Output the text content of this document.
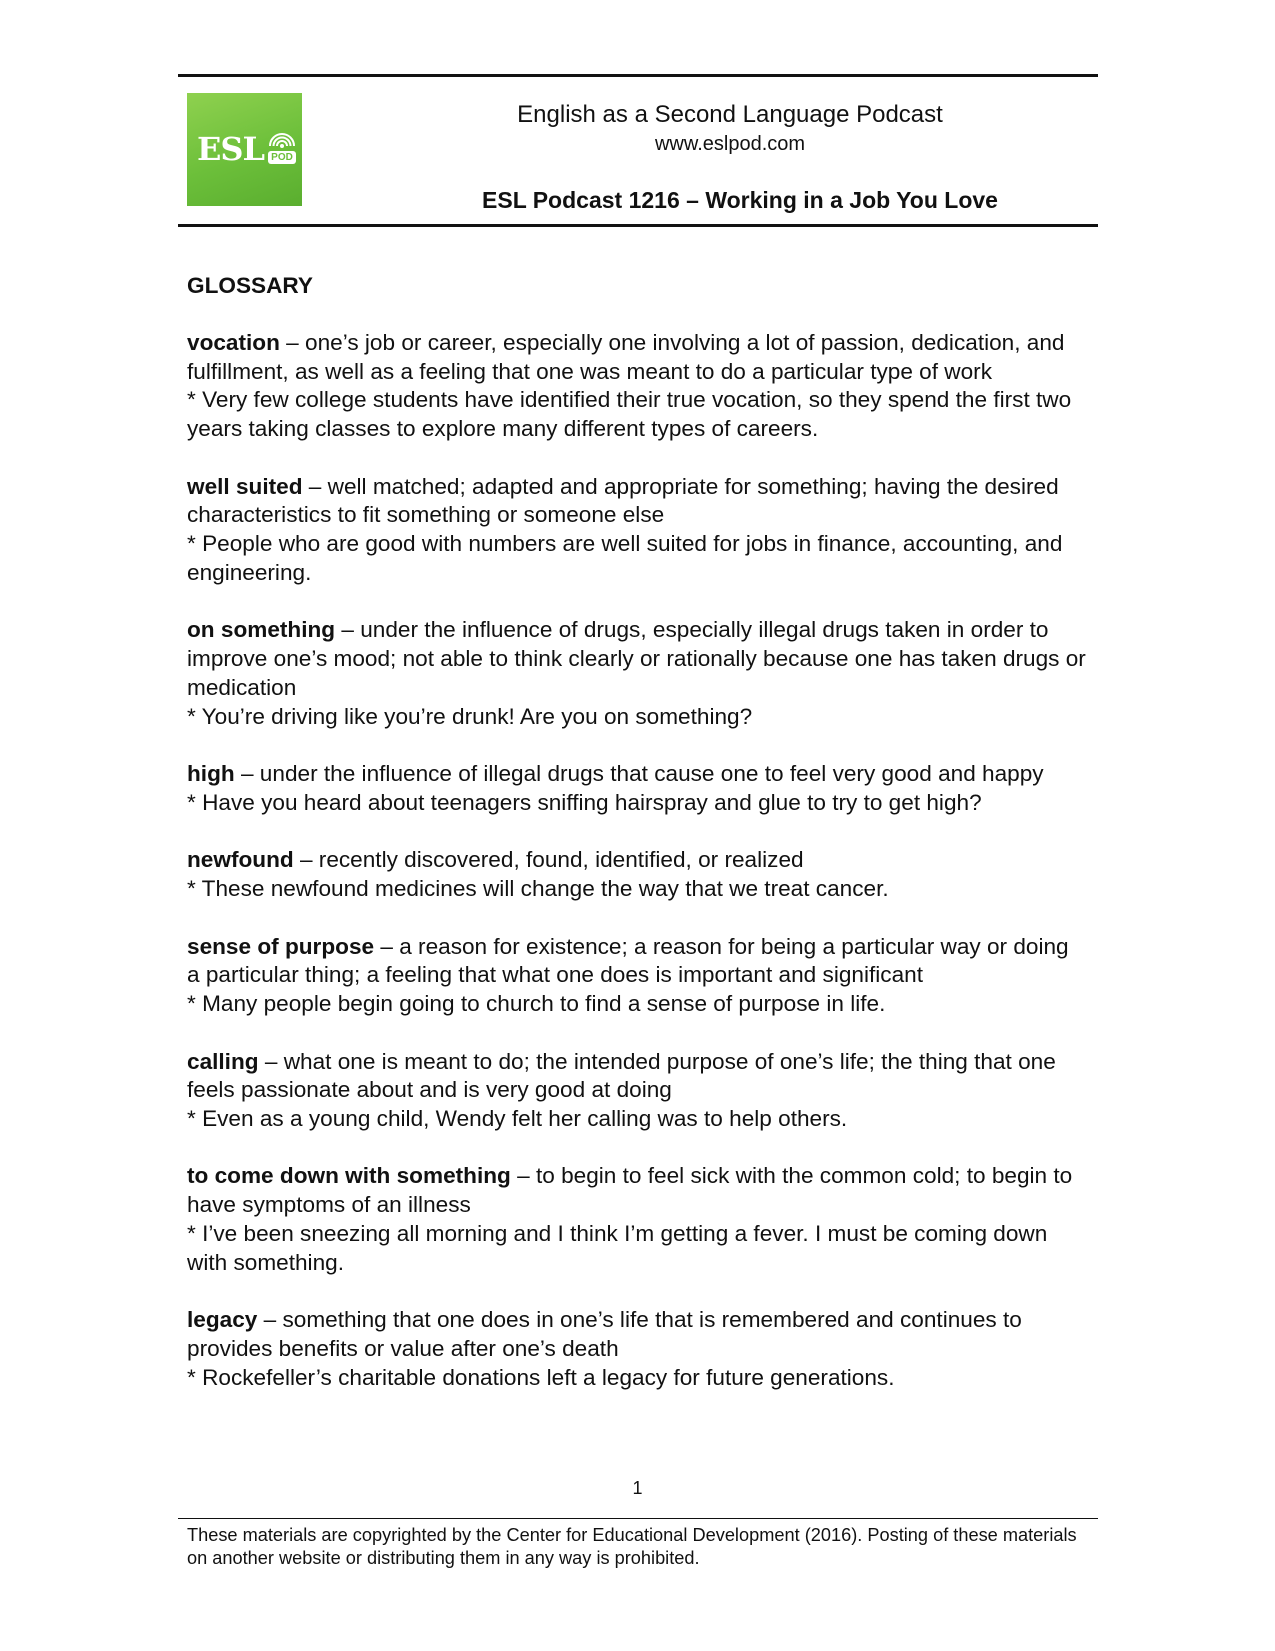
ESL POD
English as a Second Language Podcast
www.eslpod.com
ESL Podcast 1216 – Working in a Job You Love
GLOSSARY

vocation – one’s job or career, especially one involving a lot of passion, dedication, and fulfillment, as well as a feeling that one was meant to do a particular type of work

* Very few college students have identified their true vocation, so they spend the first two years taking classes to explore many different types of careers.

well suited – well matched; adapted and appropriate for something; having the desired characteristics to fit something or someone else

* People who are good with numbers are well suited for jobs in finance, accounting, and engineering.

on something – under the influence of drugs, especially illegal drugs taken in order to improve one’s mood; not able to think clearly or rationally because one has taken drugs or medication

* You’re driving like you’re drunk! Are you on something?

high – under the influence of illegal drugs that cause one to feel very good and happy

* Have you heard about teenagers sniffing hairspray and glue to try to get high?

newfound – recently discovered, found, identified, or realized

* These newfound medicines will change the way that we treat cancer.

sense of purpose – a reason for existence; a reason for being a particular way or doing a particular thing; a feeling that what one does is important and significant

* Many people begin going to church to find a sense of purpose in life.

calling – what one is meant to do; the intended purpose of one’s life; the thing that one feels passionate about and is very good at doing

* Even as a young child, Wendy felt her calling was to help others.

to come down with something – to begin to feel sick with the common cold; to begin to have symptoms of an illness

* I’ve been sneezing all morning and I think I’m getting a fever. I must be coming down with something.

legacy – something that one does in one’s life that is remembered and continues to provides benefits or value after one’s death

* Rockefeller’s charitable donations left a legacy for future generations.

1
These materials are copyrighted by the Center for Educational Development (2016). Posting of these materials on another website or distributing them in any way is prohibited.
